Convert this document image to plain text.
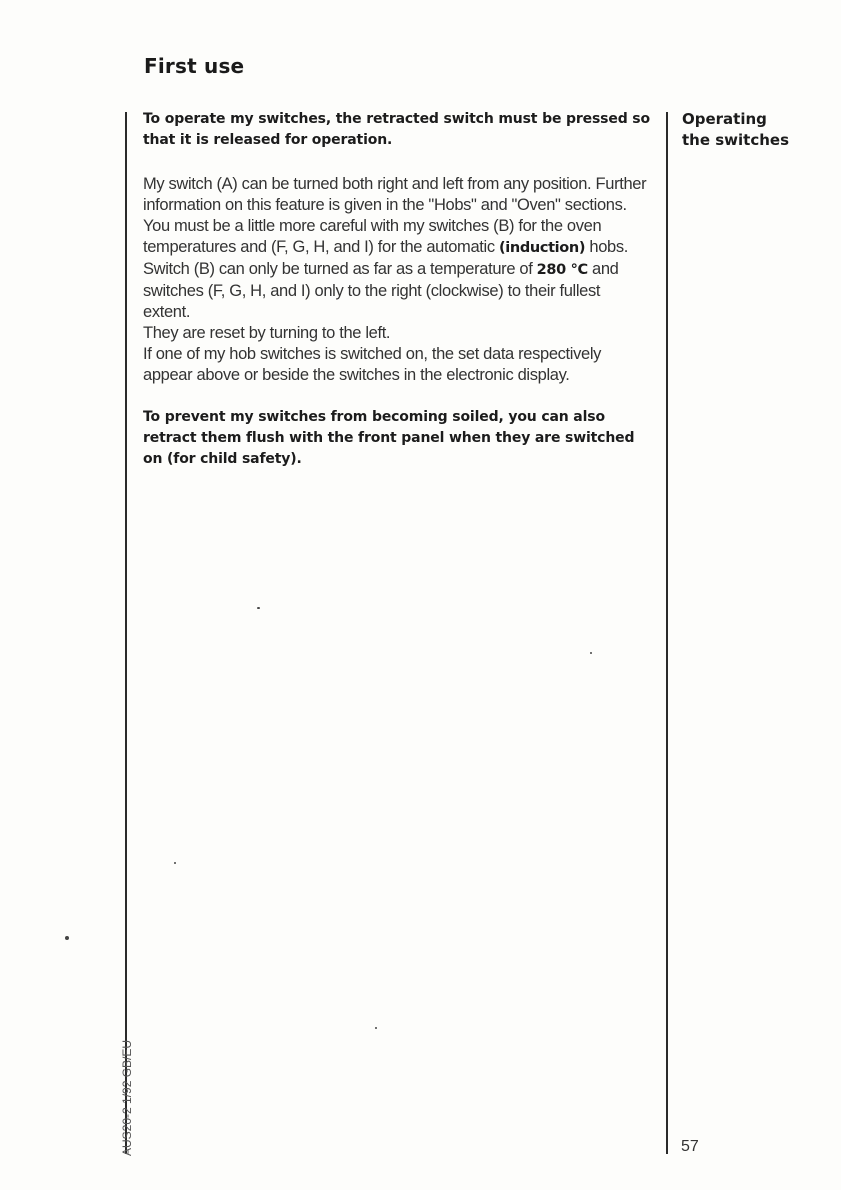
First use

To operate my switches, the retracted switch must be pressed so that it is released for operation.

My switch (A) can be turned both right and left from any position. Further information on this feature is given in the "Hobs" and "Oven" sections.

You must be a little more careful with my switches (B) for the oven temperatures and (F, G, H, and I) for the automatic (induction) hobs.

Switch (B) can only be turned as far as a temperature of 280 °C and switches (F, G, H, and I) only to the right (clockwise) to their fullest extent.

They are reset by turning to the left.

If one of my hob switches is switched on, the set data respectively appear above or beside the switches in the electronic display.

To prevent my switches from becoming soiled, you can also retract them flush with the front panel when they are switched on (for child safety).

Operating
the switches
57
AUS20-2 1/92 GB/EU
